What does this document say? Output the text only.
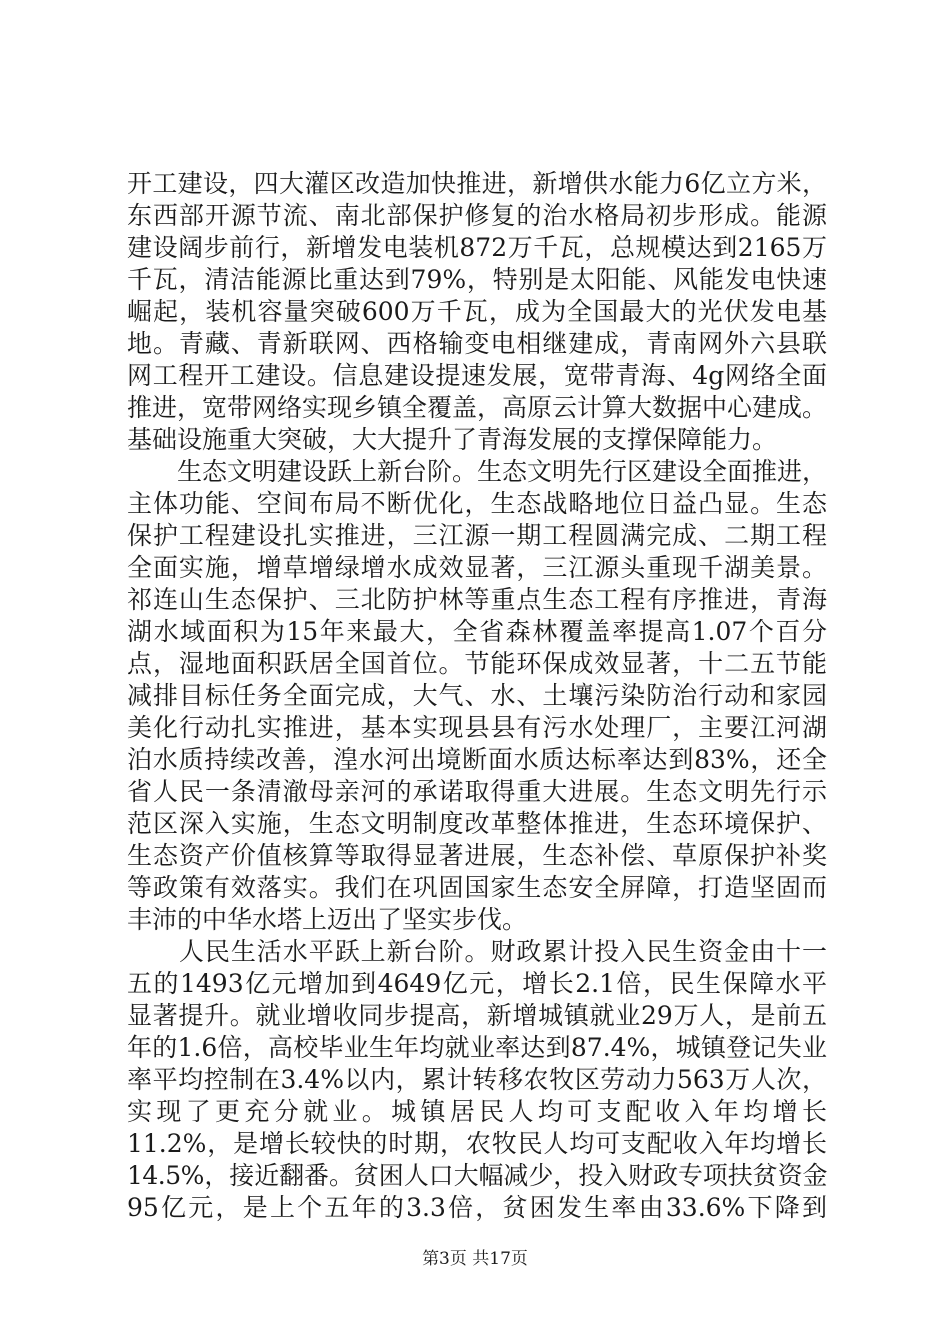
开工建设，四大灌区改造加快推进，新增供水能力6亿立方米，
东西部开源节流、南北部保护修复的治水格局初步形成。能源
建设阔步前行，新增发电装机872万千瓦，总规模达到2165万
千瓦，清洁能源比重达到79%，特别是太阳能、风能发电快速
崛起，装机容量突破600万千瓦，成为全国最大的光伏发电基
地。青藏、青新联网、西格输变电相继建成，青南网外六县联
网工程开工建设。信息建设提速发展，宽带青海、4g网络全面
推进，宽带网络实现乡镇全覆盖，高原云计算大数据中心建成。
基础设施重大突破，大大提升了青海发展的支撑保障能力。
　　生态文明建设跃上新台阶。生态文明先行区建设全面推进，
主体功能、空间布局不断优化，生态战略地位日益凸显。生态
保护工程建设扎实推进，三江源一期工程圆满完成、二期工程
全面实施，增草增绿增水成效显著，三江源头重现千湖美景。
祁连山生态保护、三北防护林等重点生态工程有序推进，青海
湖水域面积为15年来最大，全省森林覆盖率提高1.07个百分
点，湿地面积跃居全国首位。节能环保成效显著，十二五节能
减排目标任务全面完成，大气、水、土壤污染防治行动和家园
美化行动扎实推进，基本实现县县有污水处理厂，主要江河湖
泊水质持续改善，湟水河出境断面水质达标率达到83%，还全
省人民一条清澈母亲河的承诺取得重大进展。生态文明先行示
范区深入实施，生态文明制度改革整体推进，生态环境保护、
生态资产价值核算等取得显著进展，生态补偿、草原保护补奖
等政策有效落实。我们在巩固国家生态安全屏障，打造坚固而
丰沛的中华水塔上迈出了坚实步伐。
　　人民生活水平跃上新台阶。财政累计投入民生资金由十一
五的1493亿元增加到4649亿元，增长2.1倍，民生保障水平
显著提升。就业增收同步提高，新增城镇就业29万人，是前五
年的1.6倍，高校毕业生年均就业率达到87.4%，城镇登记失业
率平均控制在3.4%以内，累计转移农牧区劳动力563万人次，
实现了更充分就业。城镇居民人均可支配收入年均增长
11.2%，是增长较快的时期，农牧民人均可支配收入年均增长
14.5%，接近翻番。贫困人口大幅减少，投入财政专项扶贫资金
95亿元，是上个五年的3.3倍，贫困发生率由33.6%下降到
第3页 共17页
